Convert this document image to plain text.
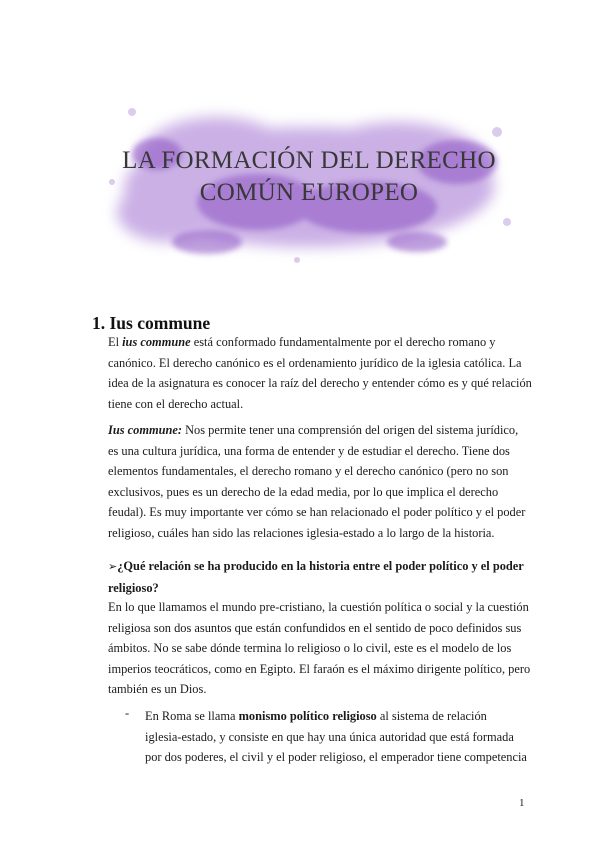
LA FORMACIÓN DEL DERECHO
COMÚN EUROPEO
1. Ius commune
El ius commune está conformado fundamentalmente por el derecho romano y
canónico. El derecho canónico es el ordenamiento jurídico de la iglesia católica. La
idea de la asignatura es conocer la raíz del derecho y entender cómo es y qué relación
tiene con el derecho actual.
Ius commune: Nos permite tener una comprensión del origen del sistema jurídico,
es una cultura jurídica, una forma de entender y de estudiar el derecho. Tiene dos
elementos fundamentales, el derecho romano y el derecho canónico (pero no son
exclusivos, pues es un derecho de la edad media, por lo que implica el derecho
feudal). Es muy importante ver cómo se han relacionado el poder político y el poder
religioso, cuáles han sido las relaciones iglesia-estado a lo largo de la historia.
➢¿Qué relación se ha producido en la historia entre el poder político y el poder
religioso?
En lo que llamamos el mundo pre-cristiano, la cuestión política o social y la cuestión
religiosa son dos asuntos que están confundidos en el sentido de poco definidos sus
ámbitos. No se sabe dónde termina lo religioso o lo civil, este es el modelo de los
imperios teocráticos, como en Egipto. El faraón es el máximo dirigente político, pero
también es un Dios.
- En Roma se llama monismo político religioso al sistema de relación
iglesia-estado, y consiste en que hay una única autoridad que está formada
por dos poderes, el civil y el poder religioso, el emperador tiene competencia
1
